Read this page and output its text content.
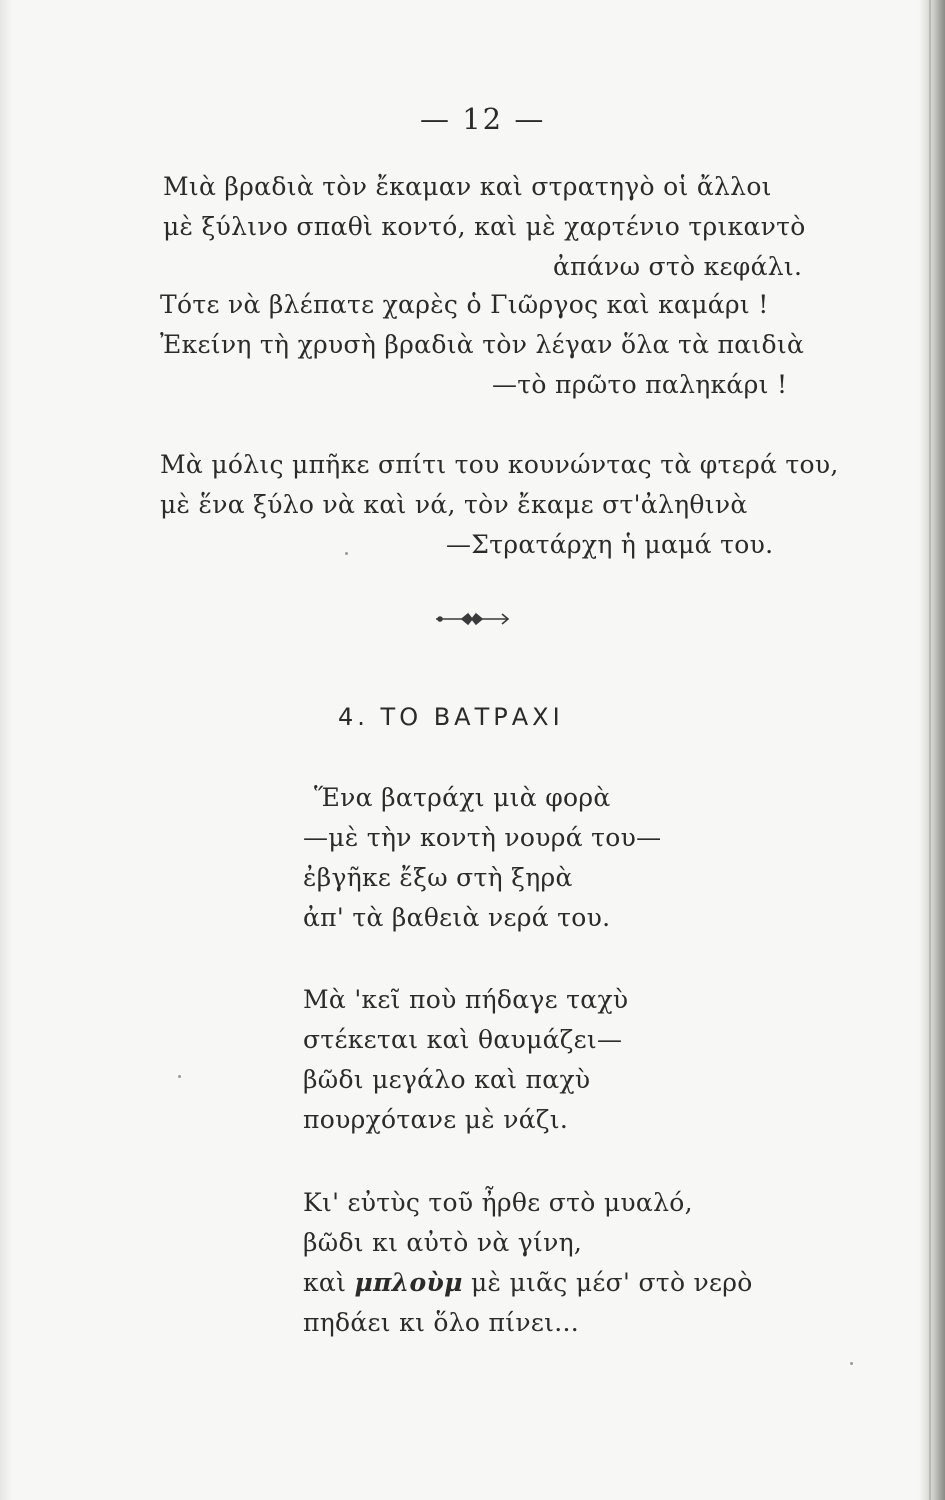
— 12 —
Μιὰ βραδιὰ τὸν ἔκαμαν καὶ στρατηγὸ οἱ ἄλλοι
μὲ ξύλινο σπαθὶ κοντό, καὶ μὲ χαρτένιο τρικαντὸ
ἀπάνω στὸ κεφάλι.
Τότε νὰ βλέπατε χαρὲς ὁ Γιῶργος καὶ καμάρι !
Ἐκείνη τὴ χρυσὴ βραδιὰ τὸν λέγαν ὅλα τὰ παιδιὰ
—τὸ πρῶτο παληκάρι !
Μὰ μόλις μπῆκε σπίτι του κουνώντας τὰ φτερά του,
μὲ ἕνα ξύλο νὰ καὶ νά, τὸν ἔκαμε στ'ἀληθινὰ
—Στρατάρχη ἡ μαμά του.
4. ΤΟ ΒΑΤΡΑΧΙ
Ἕνα βατράχι μιὰ φορὰ
—μὲ τὴν κοντὴ νουρά του—
ἐβγῆκε ἔξω στὴ ξηρὰ
ἀπ' τὰ βαθειὰ νερά του.
Μὰ 'κεῖ ποὺ πήδαγε ταχὺ
στέκεται καὶ θαυμάζει—
βῶδι μεγάλο καὶ παχὺ
πουρχότανε μὲ νάζι.
Κι' εὐτὺς τοῦ ἦρθε στὸ μυαλό,
βῶδι κι αὐτὸ νὰ γίνη,
καὶ μπλοὺμ μὲ μιᾶς μέσ' στὸ νερὸ
πηδάει κι ὅλο πίνει...
